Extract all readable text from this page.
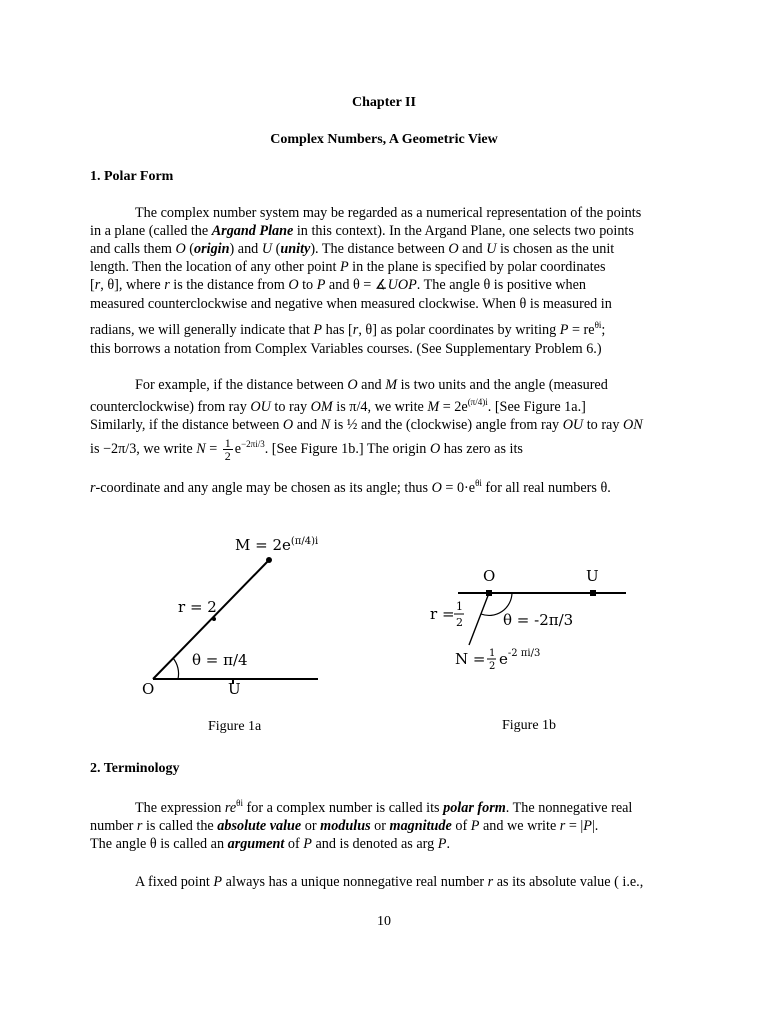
Chapter II
Complex Numbers, A Geometric View
1. Polar Form
The complex number system may be regarded as a numerical representation of the points
in a plane (called the Argand Plane in this context). In the Argand Plane, one selects two points
and calls them O (origin) and U (unity). The distance between O and U is chosen as the unit
length. Then the location of any other point P in the plane is specified by polar coordinates
[r, θ], where r is the distance from O to P and θ = ∡UOP. The angle θ is positive when
measured counterclockwise and negative when measured clockwise. When θ is measured in
radians, we will generally indicate that P has [r, θ] as polar coordinates by writing $P = re^{\theta i}$;
this borrows a notation from Complex Variables courses. (See Supplementary Problem 6.)
For example, if the distance between O and M is two units and the angle (measured
counterclockwise) from ray OU to ray OM is π/4, we write $M = 2e^{(\pi/4)i}$. [See Figure 1a.]
Similarly, if the distance between O and N is ½ and the (clockwise) angle from ray OU to ray ON
is −2π/3, we write $N = \frac{1}{2} e^{-2\pi i/3}$. [See Figure 1b.] The origin O has zero as its
r-coordinate and any angle may be chosen as its angle; thus $O = 0\cdot e^{\theta i}$ for all real numbers θ.
$M = 2e^{(\pi/4)i}$
r = 2
θ = π/4
O	U
Figure 1a
O	U
r = 1
2	θ = -2π/3
N = 1
2 $e^{-2 \pi i/3}$
Figure 1b
2. Terminology
The expression $re^{\theta i}$ for a complex number is called its polar form. The nonnegative real
number r is called the absolute value or modulus or magnitude of P and we write r = |P|.
The angle θ is called an argument of P and is denoted as arg P.
A fixed point P always has a unique nonnegative real number r as its absolute value ( i.e.,
10
